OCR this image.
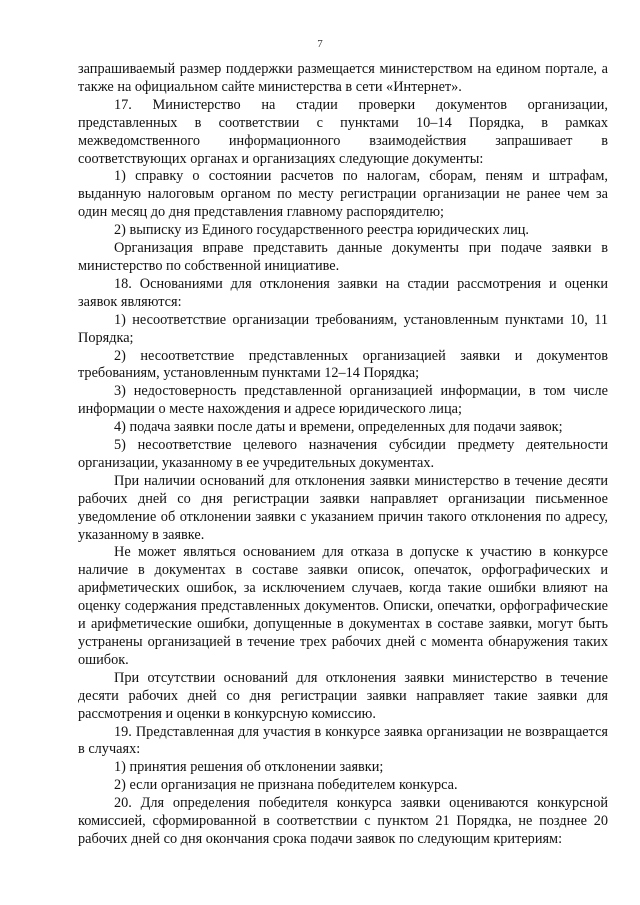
7

запрашиваемый размер поддержки размещается министерством на едином портале, а также на официальном сайте министерства в сети «Интернет».

17. Министерство на стадии проверки документов организации, представленных в соответствии с пунктами 10–14 Порядка, в рамках межведомственного информационного взаимодействия запрашивает в соответствующих органах и организациях следующие документы:

1) справку о состоянии расчетов по налогам, сборам, пеням и штрафам, выданную налоговым органом по месту регистрации организации не ранее чем за один месяц до дня представления главному распорядителю;

2) выписку из Единого государственного реестра юридических лиц.

Организация вправе представить данные документы при подаче заявки в министерство по собственной инициативе.

18. Основаниями для отклонения заявки на стадии рассмотрения и оценки заявок являются:

1) несоответствие организации требованиям, установленным пунктами 10, 11 Порядка;

2) несоответствие представленных организацией заявки и документов требованиям, установленным пунктами 12–14 Порядка;

3) недостоверность представленной организацией информации, в том числе информации о месте нахождения и адресе юридического лица;

4) подача заявки после даты и времени, определенных для подачи заявок;

5) несоответствие целевого назначения субсидии предмету деятельности организации, указанному в ее учредительных документах.

При наличии оснований для отклонения заявки министерство в течение десяти рабочих дней со дня регистрации заявки направляет организации письменное уведомление об отклонении заявки с указанием причин такого отклонения по адресу, указанному в заявке.

Не может являться основанием для отказа в допуске к участию в конкурсе наличие в документах в составе заявки описок, опечаток, орфографических и арифметических ошибок, за исключением случаев, когда такие ошибки влияют на оценку содержания представленных документов. Описки, опечатки, орфографические и арифметические ошибки, допущенные в документах в составе заявки, могут быть устранены организацией в течение трех рабочих дней с момента обнаружения таких ошибок.

При отсутствии оснований для отклонения заявки министерство в течение десяти рабочих дней со дня регистрации заявки направляет такие заявки для рассмотрения и оценки в конкурсную комиссию.

19. Представленная для участия в конкурсе заявка организации не возвращается в случаях:

1) принятия решения об отклонении заявки;

2) если организация не признана победителем конкурса.

20. Для определения победителя конкурса заявки оцениваются конкурсной комиссией, сформированной в соответствии с пунктом 21 Порядка, не позднее 20 рабочих дней со дня окончания срока подачи заявок по следующим критериям:
